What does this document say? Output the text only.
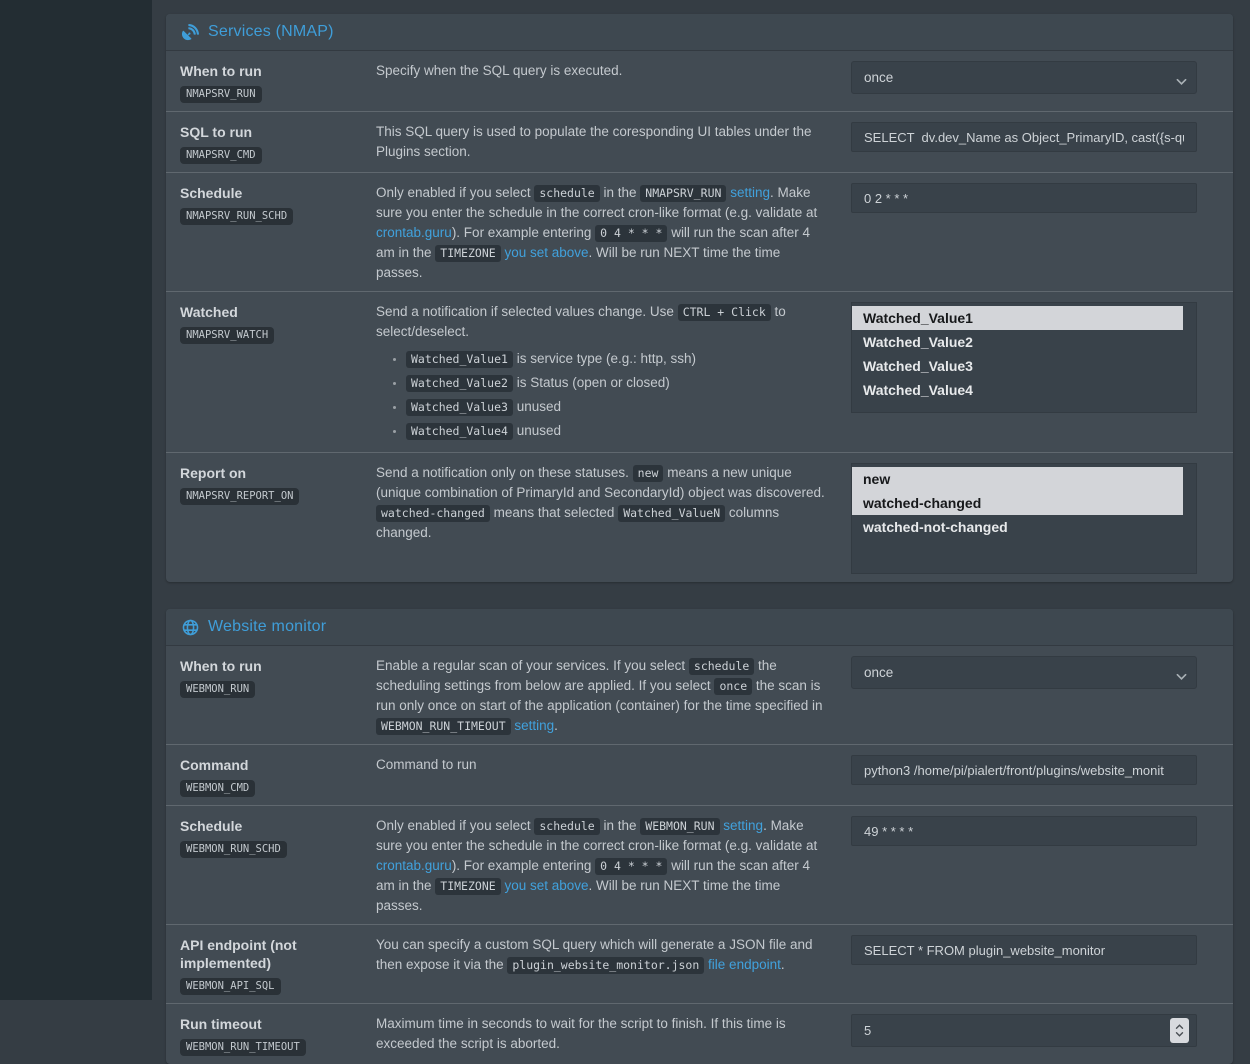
Services (NMAP)
When to run
NMAPSRV_RUN

Specify when the SQL query is executed.	once
SQL to run
NMAPSRV_CMD

This SQL query is used to populate the coresponding UI tables under the Plugins section.

SELECT dv.dev_Name as Object_PrimaryID, cast({s-quo
Schedule
NMAPSRV_RUN_SCHD

Only enabled if you select schedule in the NMAPSRV_RUN setting. Make sure you enter the schedule in the correct cron-like format (e.g. validate at crontab.guru). For example entering 0 4 * * * will run the scan after 4 am in the TIMEZONE you set above. Will be run NEXT time the time passes.

0 2 * * *
Watched
NMAPSRV_WATCH

Send a notification if selected values change. Use CTRL + Click to select/deselect.

• Watched_Value1 is service type (e.g.: http, ssh)
• Watched_Value2 is Status (open or closed)
• Watched_Value3 unused
• Watched_Value4 unused
Watched_Value1
Watched_Value2
Watched_Value3
Watched_Value4
Report on
NMAPSRV_REPORT_ON

Send a notification only on these statuses. new means a new unique (unique combination of PrimaryId and SecondaryId) object was discovered. watched-changed means that selected Watched_ValueN columns changed.

new
watched-changed
watched-not-changed
Website monitor
When to run
WEBMON_RUN

Enable a regular scan of your services. If you select schedule the scheduling settings from below are applied. If you select once the scan is run only once on start of the application (container) for the time specified in WEBMON_RUN_TIMEOUT setting.

once
Command
WEBMON_CMD

Command to run

python3 /home/pi/pialert/front/plugins/website_monit
Schedule
WEBMON_RUN_SCHD

Only enabled if you select schedule in the WEBMON_RUN setting. Make sure you enter the schedule in the correct cron-like format (e.g. validate at crontab.guru). For example entering 0 4 * * * will run the scan after 4 am in the TIMEZONE you set above. Will be run NEXT time the time passes.

49 * * * *
API endpoint (not implemented)
WEBMON_API_SQL

You can specify a custom SQL query which will generate a JSON file and then expose it via the plugin_website_monitor.json file endpoint.

SELECT * FROM plugin_website_monitor
Run timeout
WEBMON_RUN_TIMEOUT

Maximum time in seconds to wait for the script to finish. If this time is exceeded the script is aborted.

5
